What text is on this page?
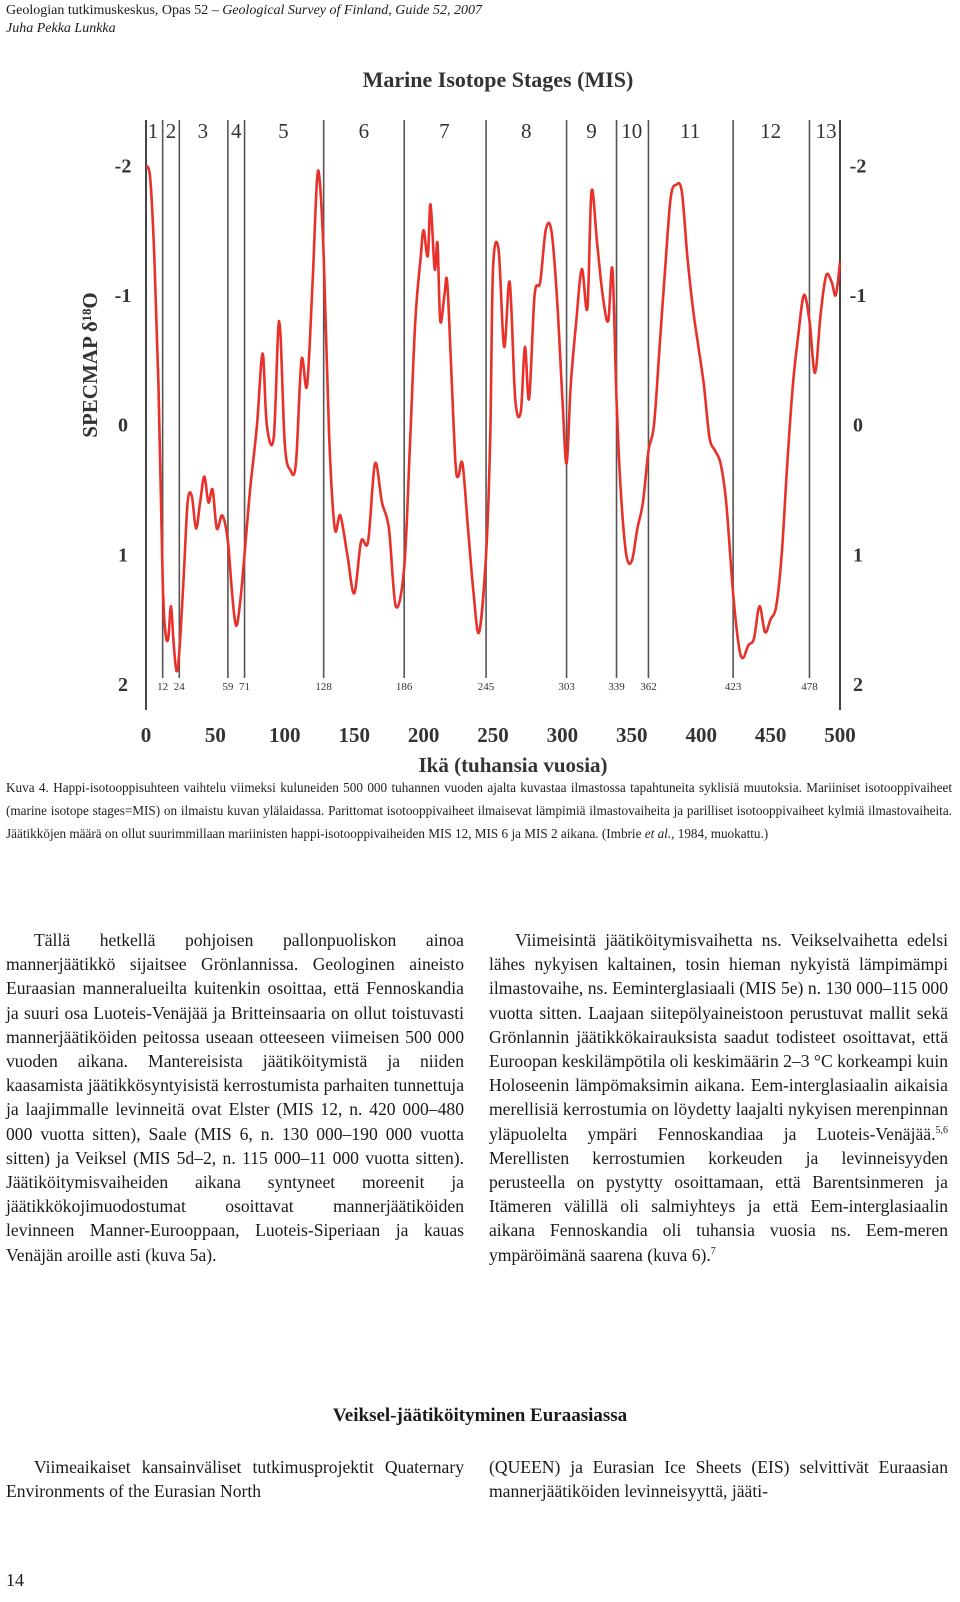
Geologian tutkimuskeskus, Opas 52 – Geological Survey of Finland, Guide 52, 2007
Juha Pekka Lunkka
12 24	59 71	128	186	245	303	339 362	423	478
Marine Isotope Stages (MIS)
1 2 3 4 5	6	7	8	9 10 11	12 13
-2
-1
0
1
2
-2
-1
0
1
2
0	50 100 150 200 250 300 350 400 450 500
Ikä (tuhansia vuosia)
SPECMAP δ¹⁸O
Kuva 4. Happi-isotooppisuhteen vaihtelu viimeksi kuluneiden 500 000 tuhannen vuoden ajalta kuvastaa ilmastossa tapahtuneita syklisiä muutoksia. Mariiniset isotooppivaiheet (marine isotope stages=MIS) on ilmaistu kuvan ylälaidassa. Parittomat isotooppivaiheet ilmaisevat lämpimiä ilmastovaiheita ja parilliset isotooppivaiheet kylmiä ilmastovaiheita. Jäätikköjen määrä on ollut suurimmillaan mariinisten happi-isotooppivaiheiden MIS 12, MIS 6 ja MIS 2 aikana. (Imbrie et al., 1984, muokattu.)
Tällä hetkellä pohjoisen pallonpuoliskon ainoa mannerjäätikkö sijaitsee Grönlannissa. Geologinen aineisto Euraasian manneralueilta kuitenkin osoittaa, että Fennoskandia ja suuri osa Luoteis-Venäjää ja Britteinsaaria on ollut toistuvasti mannerjäätiköiden peitossa useaan otteeseen viimeisen 500 000 vuoden aikana. Mantereisista jäätiköitymistä ja niiden kaasamista jäätikkösyntyisistä kerrostumista parhaiten tunnettuja ja laajimmalle levinneitä ovat Elster (MIS 12, n. 420 000–480 000 vuotta sitten), Saale (MIS 6, n. 130 000–190 000 vuotta sitten) ja Veiksel (MIS 5d–2, n. 115 000–11 000 vuotta sitten). Jäätiköitymisvaiheiden aikana syntyneet moreenit ja jäätikkökojimuodostumat osoittavat mannerjäätiköiden levinneen Manner-Eurooppaan, Luoteis-Siperiaan ja kauas Venäjän aroille asti (kuva 5a).
Viimeisintä jäätiköitymisvaihetta ns. Veikselvaihetta edelsi lähes nykyisen kaltainen, tosin hieman nykyistä lämpimämpi ilmastovaihe, ns. Eeminterglasiaali (MIS 5e) n. 130 000–115 000 vuotta sitten. Laajaan siitepölyaineistoon perustuvat mallit sekä Grönlannin jäätikkökairauksista saadut todisteet osoittavat, että Euroopan keskilämpötila oli keskimäärin 2–3 °C korkeampi kuin Holoseenin lämpömaksimin aikana. Eem-interglasiaalin aikaisia merellisiä kerrostumia on löydetty laajalti nykyisen merenpinnan yläpuolelta ympäri Fennoskandiaa ja Luoteis-Venäjää.$^{5,6}$ Merellisten kerrostumien korkeuden ja levinneisyyden perusteella on pystytty osoittamaan, että Barentsinmeren ja Itämeren välillä oli salmiyhteys ja että Eem-interglasiaalin aikana Fennoskandia oli tuhansia vuosia ns. Eem-meren ympäröimänä saarena (kuva 6).$^7$
Veiksel-jäätiköityminen Euraasiassa
Viimeaikaiset kansainväliset tutkimusprojektit Quaternary Environments of the Eurasian North
(QUEEN) ja Eurasian Ice Sheets (EIS) selvittivät Euraasian mannerjäätiköiden levinneisyyttä, jääti-
14
